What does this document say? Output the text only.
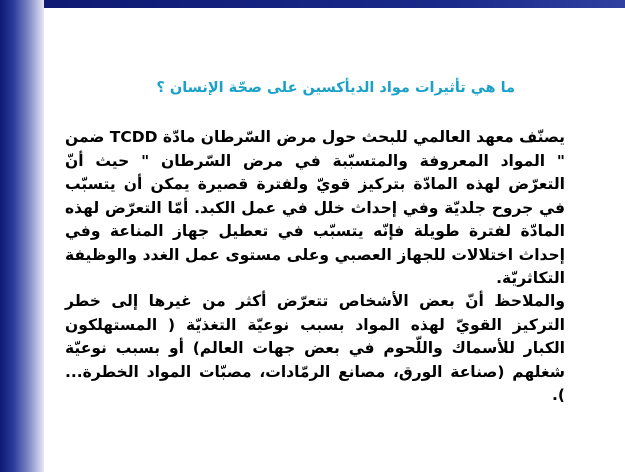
ما هي تأثيرات مواد الديأكسين على صحّة الإنسان ؟

يصنّف معهد العالمي للبحث حول مرض السّرطان مادّة TCDD ضمن " المواد المعروفة والمتسبّبة في مرض السّرطان " حيث أنّ التعرّض لهذه المادّة بتركيز قويّ ولفترة قصيرة يمكن أن يتسبّب في جروح جلديّة وفي إحداث خلل في عمل الكبد. أمّا التعرّض لهذه المادّة لفترة طويلة فإنّه يتسبّب في تعطيل جهاز المناعة وفي إحداث اختلالات للجهاز العصبي وعلى مستوى عمل الغدد والوظيفة التكاثريّة.

والملاحظ أنّ بعض الأشخاص تتعرّض أكثر من غيرها إلى خطر التركيز القويّ لهذه المواد بسبب نوعيّة التغذيّة ( المستهلكون الكبار للأسماك واللّحوم في بعض جهات العالم) أو بسبب نوعيّة شغلهم (صناعة الورق، مصانع الرمّادات، مصبّات المواد الخطرة... ).
